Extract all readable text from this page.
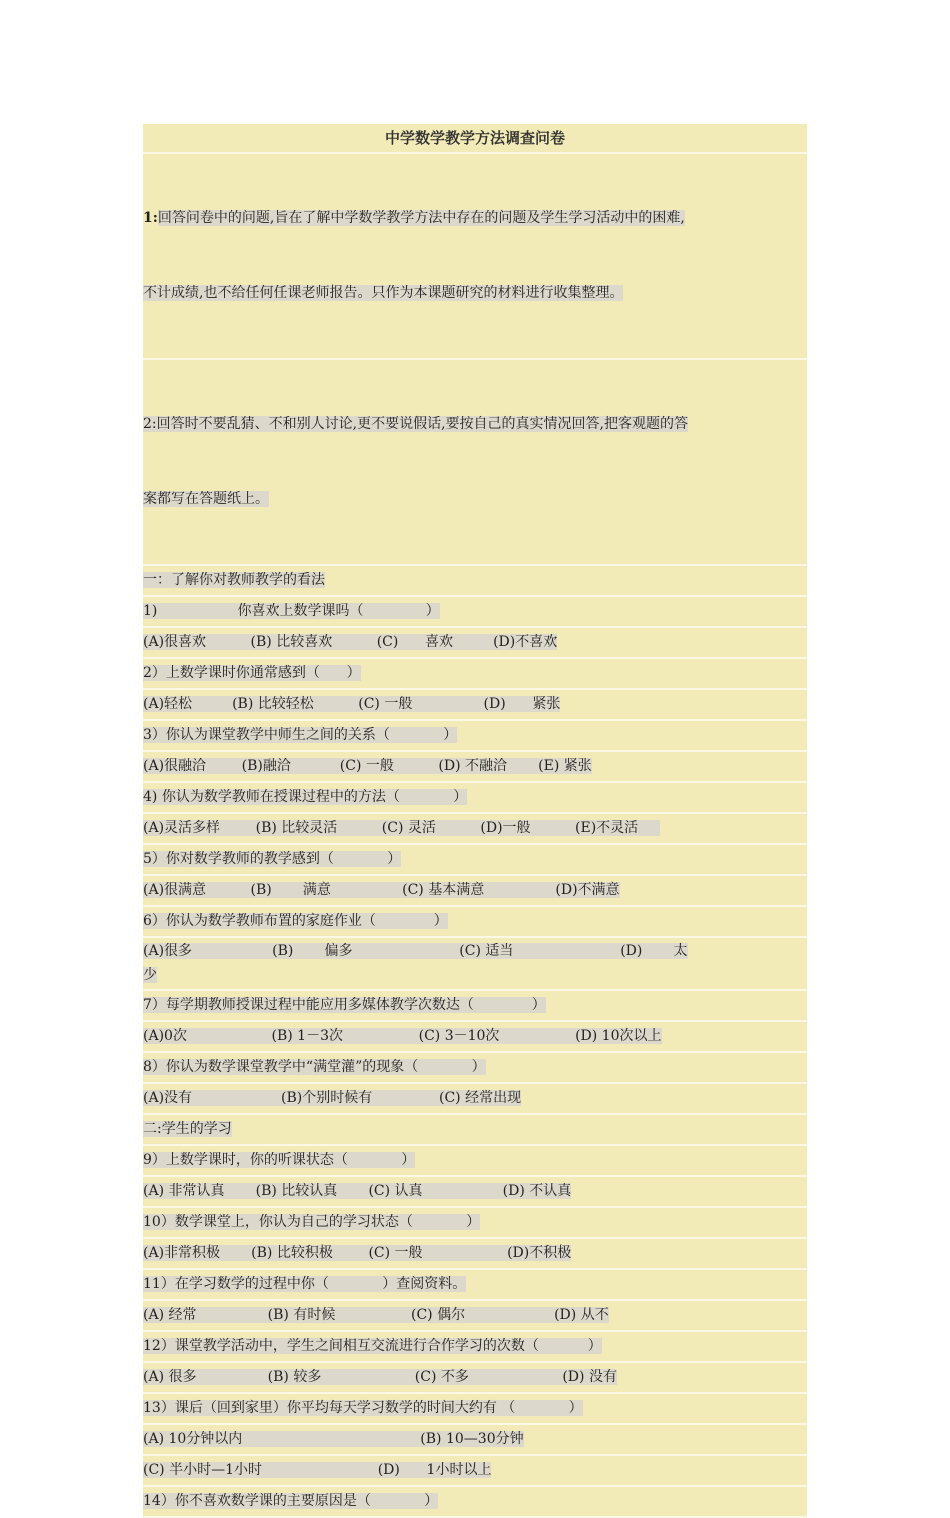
中学数学教学方法调查问卷

1:回答问卷中的问题,旨在了解中学数学教学方法中存在的问题及学生学习活动中的困难,

不计成绩,也不给任何任课老师报告。只作为本课题研究的材料进行收集整理。

2:回答时不要乱猜、不和别人讨论,更不要说假话,要按自己的真实情况回答,把客观题的答

案都写在答题纸上。

一：了解你对教师教学的看法
1)                  你喜欢上数学课吗（              ）
(A)很喜欢          (B) 比较喜欢          (C)      喜欢         (D)不喜欢
2）上数学课时你通常感到（      ）
(A)轻松         (B) 比较轻松          (C) 一般                (D)      紧张
3）你认为课堂教学中师生之间的关系（            ）
(A)很融洽        (B)融洽           (C) 一般          (D) 不融洽       (E) 紧张
4) 你认为数学教师在授课过程中的方法（            ）
(A)灵活多样        (B) 比较灵活          (C) 灵活          (D)一般          (E)不灵活
5）你对数学教师的教学感到（            ）
(A)很满意          (B)       满意                (C) 基本满意                (D)不满意
6）你认为数学教师布置的家庭作业（             ）
(A)很多                  (B)       偏多                        (C) 适当                        (D)       太
少
7）每学期教师授课过程中能应用多媒体教学次数达（             ）
(A)0次                   (B) 1－3次                 (C) 3－10次                 (D) 10次以上
8）你认为数学课堂教学中“满堂灌”的现象（            ）
(A)没有                    (B)个别时候有               (C) 经常出现
二:学生的学习
9）上数学课时，你的听课状态（            ）
(A) 非常认真       (B) 比较认真       (C) 认真                  (D) 不认真
10）数学课堂上，你认为自己的学习状态（            ）
(A)非常积极       (B) 比较积极        (C) 一般                   (D)不积极
11）在学习数学的过程中你（            ）查阅资料。
(A) 经常                (B) 有时候                 (C) 偶尔                    (D) 从不
12）课堂教学活动中，学生之间相互交流进行合作学习的次数（           ）
(A) 很多                (B) 较多                     (C) 不多                     (D) 没有
13）课后（回到家里）你平均每天学习数学的时间大约有 （            ）
(A) 10分钟以内                                        (B) 10—30分钟
(C) 半小时—1小时                          (D)      1小时以上
14）你不喜欢数学课的主要原因是（            ）
